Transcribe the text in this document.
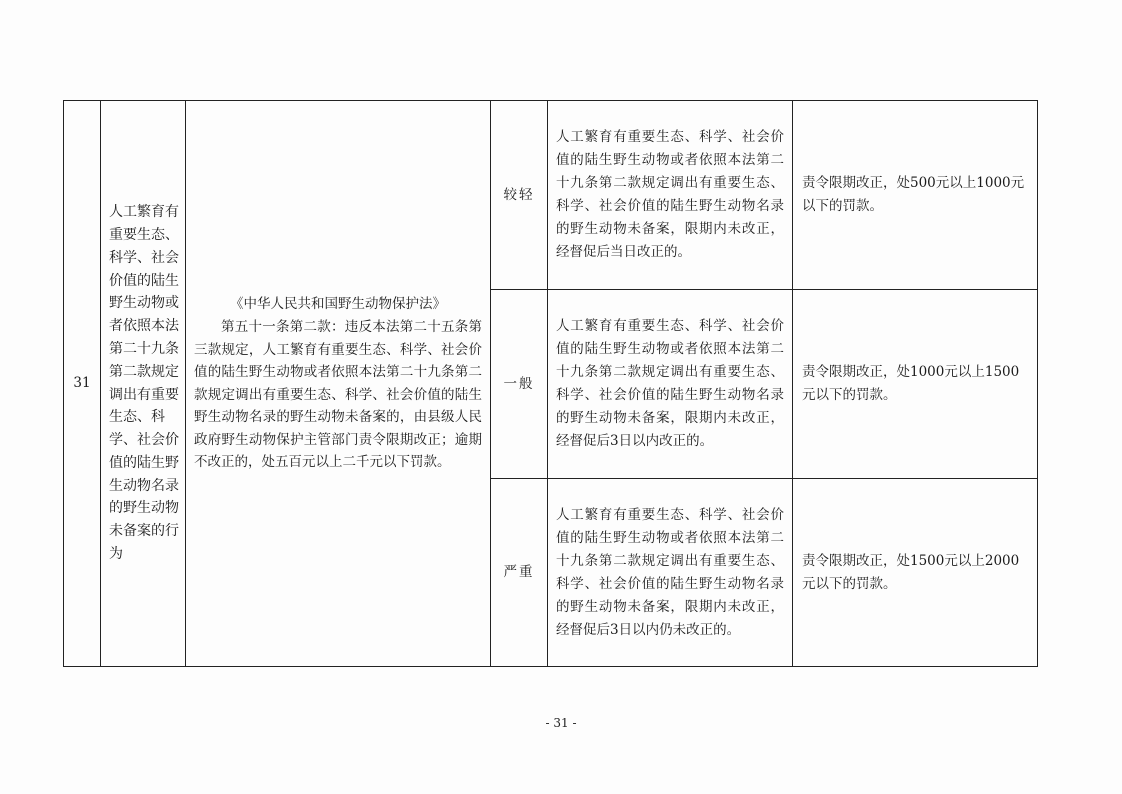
31	人工繁育有重要生态、科学、社会价值的陆生野生动物或者依照本法第二十九条第二款规定调出有重要生态、科学、社会价值的陆生野生动物名录的野生动物未备案的行为	《中华人民共和国野生动物保护法》
第五十一条第二款：违反本法第二十五条第三款规定，人工繁育有重要生态、科学、社会价值的陆生野生动物或者依照本法第二十九条第二款规定调出有重要生态、科学、社会价值的陆生野生动物名录的野生动物未备案的，由县级人民政府野生动物保护主管部门责令限期改正；逾期不改正的，处五百元以上二千元以下罚款。	较轻	人工繁育有重要生态、科学、社会价值的陆生野生动物或者依照本法第二十九条第二款规定调出有重要生态、科学、社会价值的陆生野生动物名录的野生动物未备案，限期内未改正，经督促后当日改正的。	责令限期改正，处500元以上1000元以下的罚款。

			一般	人工繁育有重要生态、科学、社会价值的陆生野生动物或者依照本法第二十九条第二款规定调出有重要生态、科学、社会价值的陆生野生动物名录的野生动物未备案，限期内未改正，经督促后3日以内改正的。	责令限期改正，处1000元以上1500元以下的罚款。

			严重	人工繁育有重要生态、科学、社会价值的陆生野生动物或者依照本法第二十九条第二款规定调出有重要生态、科学、社会价值的陆生野生动物名录的野生动物未备案，限期内未改正，经督促后3日以内仍未改正的。	责令限期改正，处1500元以上2000元以下的罚款。
- 31 -
